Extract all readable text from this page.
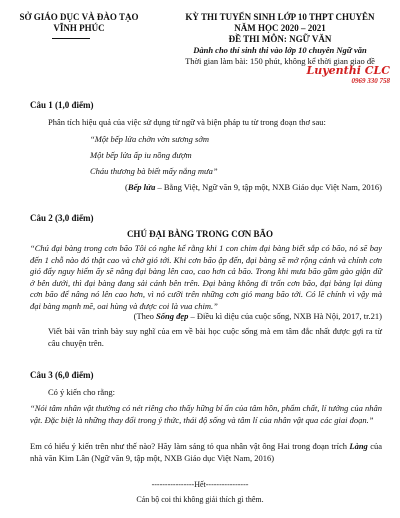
SỞ GIÁO DỤC VÀ ĐÀO TẠO
VĨNH PHÚC
KỲ THI TUYỂN SINH LỚP 10 THPT CHUYÊN
NĂM HỌC 2020 – 2021
ĐỀ THI MÔN: NGỮ VĂN
Dành cho thí sinh thi vào lớp 10 chuyên Ngữ văn
Thời gian làm bài: 150 phút, không kể thời gian giao đề
Luyenthi CLC
0969 330 758
Câu 1 (1,0 điểm)
Phân tích hiệu quả của việc sử dụng từ ngữ và biện pháp tu từ trong đoạn thơ sau:
“Một bếp lửa chờn vờn sương sớm
Một bếp lửa ấp iu nồng đượm
Cháu thương bà biết mấy nắng mưa”
(Bếp lửa – Bằng Việt, Ngữ văn 9, tập một, NXB Giáo dục Việt Nam, 2016)
Câu 2 (3,0 điểm)
CHÚ ĐẠI BÀNG TRONG CƠN BÃO
“Chú đại bàng trong cơn bão Tôi có nghe kể rằng khi 1 con chim đại bàng biết sắp có bão, nó sẽ bay đến 1 chỗ nào đó thật cao và chờ gió tới. Khi cơn bão ập đến, đại bàng sẽ mở rộng cánh và chính cơn gió đẩy nguy hiểm ấy sẽ nâng đại bàng lên cao, cao hơn cả bão. Trong khi mưa bão gầm gào giận dữ ở bên dưới, thì đại bàng đang sải cánh bên trên. Đại bàng không đi trốn cơn bão, đại bàng lại dùng cơn bão để nâng nó lên cao hơn, vì nó cưỡi trên những cơn gió mang bão tới. Có lẽ chính vì vậy mà đại bàng mạnh mẽ, oai hùng và được coi là vua chim.”
(Theo Sống đẹp – Điều kì diệu của cuộc sống, NXB Hà Nội, 2017, tr.21)
Viết bài văn trình bày suy nghĩ của em về bài học cuộc sống mà em tâm đắc nhất được gợi ra từ câu chuyện trên.
Câu 3 (6,0 điểm)
Có ý kiến cho rằng:
“Nói tâm nhân vật thường có nét riêng cho thấy hững bí ẩn của tâm hồn, phẩm chất, lí tưởng của nhân vật. Đặc biệt là những thay đổi trong ý thức, thái độ sống và tâm lí của nhân vật qua các giai đoạn.”
Em có hiểu ý kiến trên như thế nào? Hãy làm sáng tỏ qua nhân vật ông Hai trong đoạn trích Làng của nhà văn Kim Lân (Ngữ văn 9, tập một, NXB Giáo dục Việt Nam, 2016)
----------------Hết----------------
Cán bộ coi thi không giải thích gì thêm.
